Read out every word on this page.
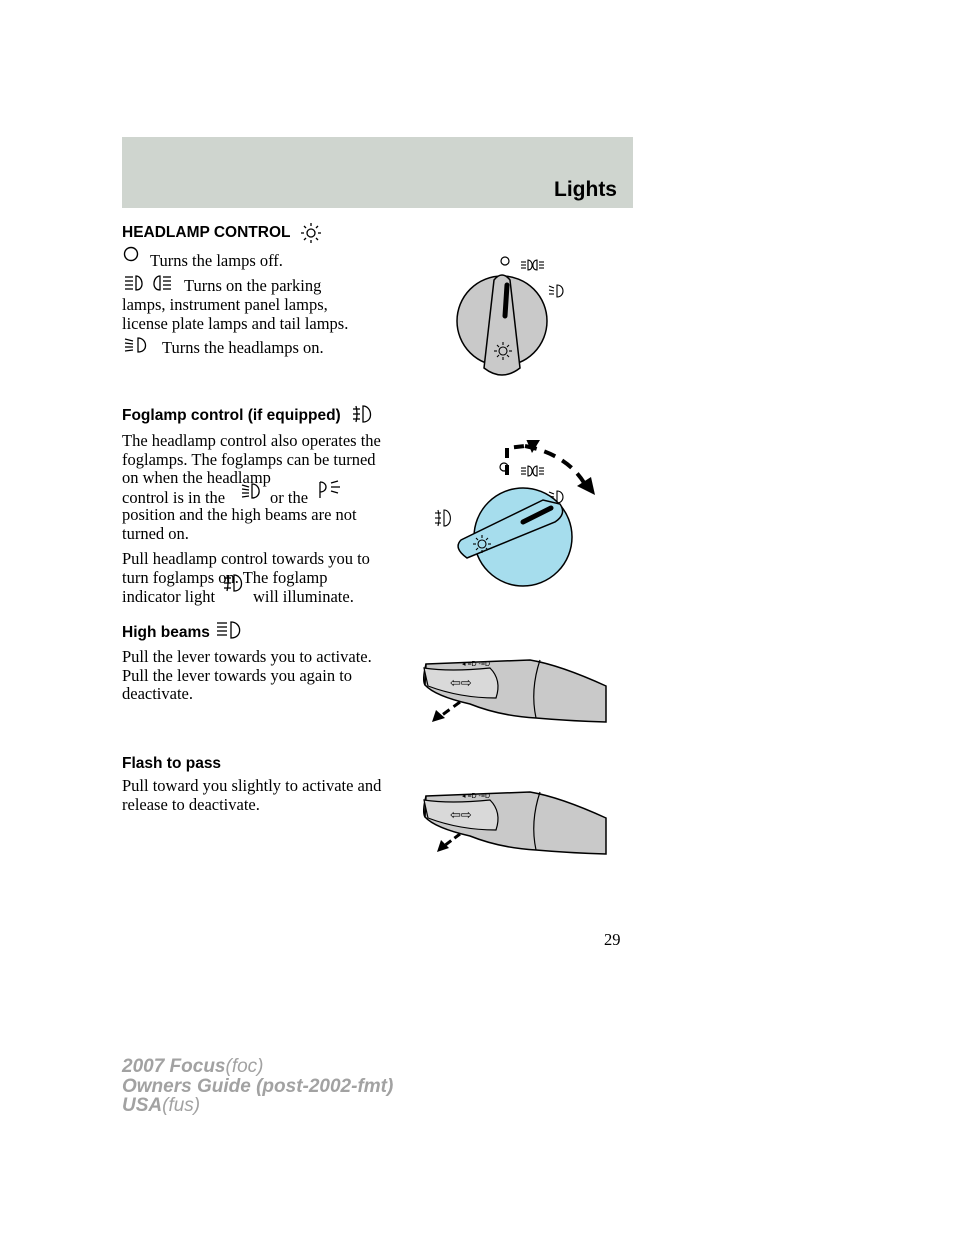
Lights
HEADLAMP CONTROL
Turns the lamps off.
Turns on the parking
lamps, instrument panel lamps,
license plate lamps and tail lamps.
Turns the headlamps on.
Foglamp control (if equipped)
The headlamp control also operates the foglamps. The foglamps can be turned on when the headlamp
control is in the	or the
position and the high beams are not turned on.
Pull headlamp control towards you to turn foglamps on. The foglamp
indicator light will illuminate.
High beams
Pull the lever towards you to activate. Pull the lever towards you again to deactivate.
◂ ≡D -≡D
⇦⇨
Flash to pass
Pull toward you slightly to activate and release to deactivate.	◂ ≡D -≡D
⇦⇨
29
2007 Focus(foc)
Owners Guide (post-2002-fmt)
USA(fus)
